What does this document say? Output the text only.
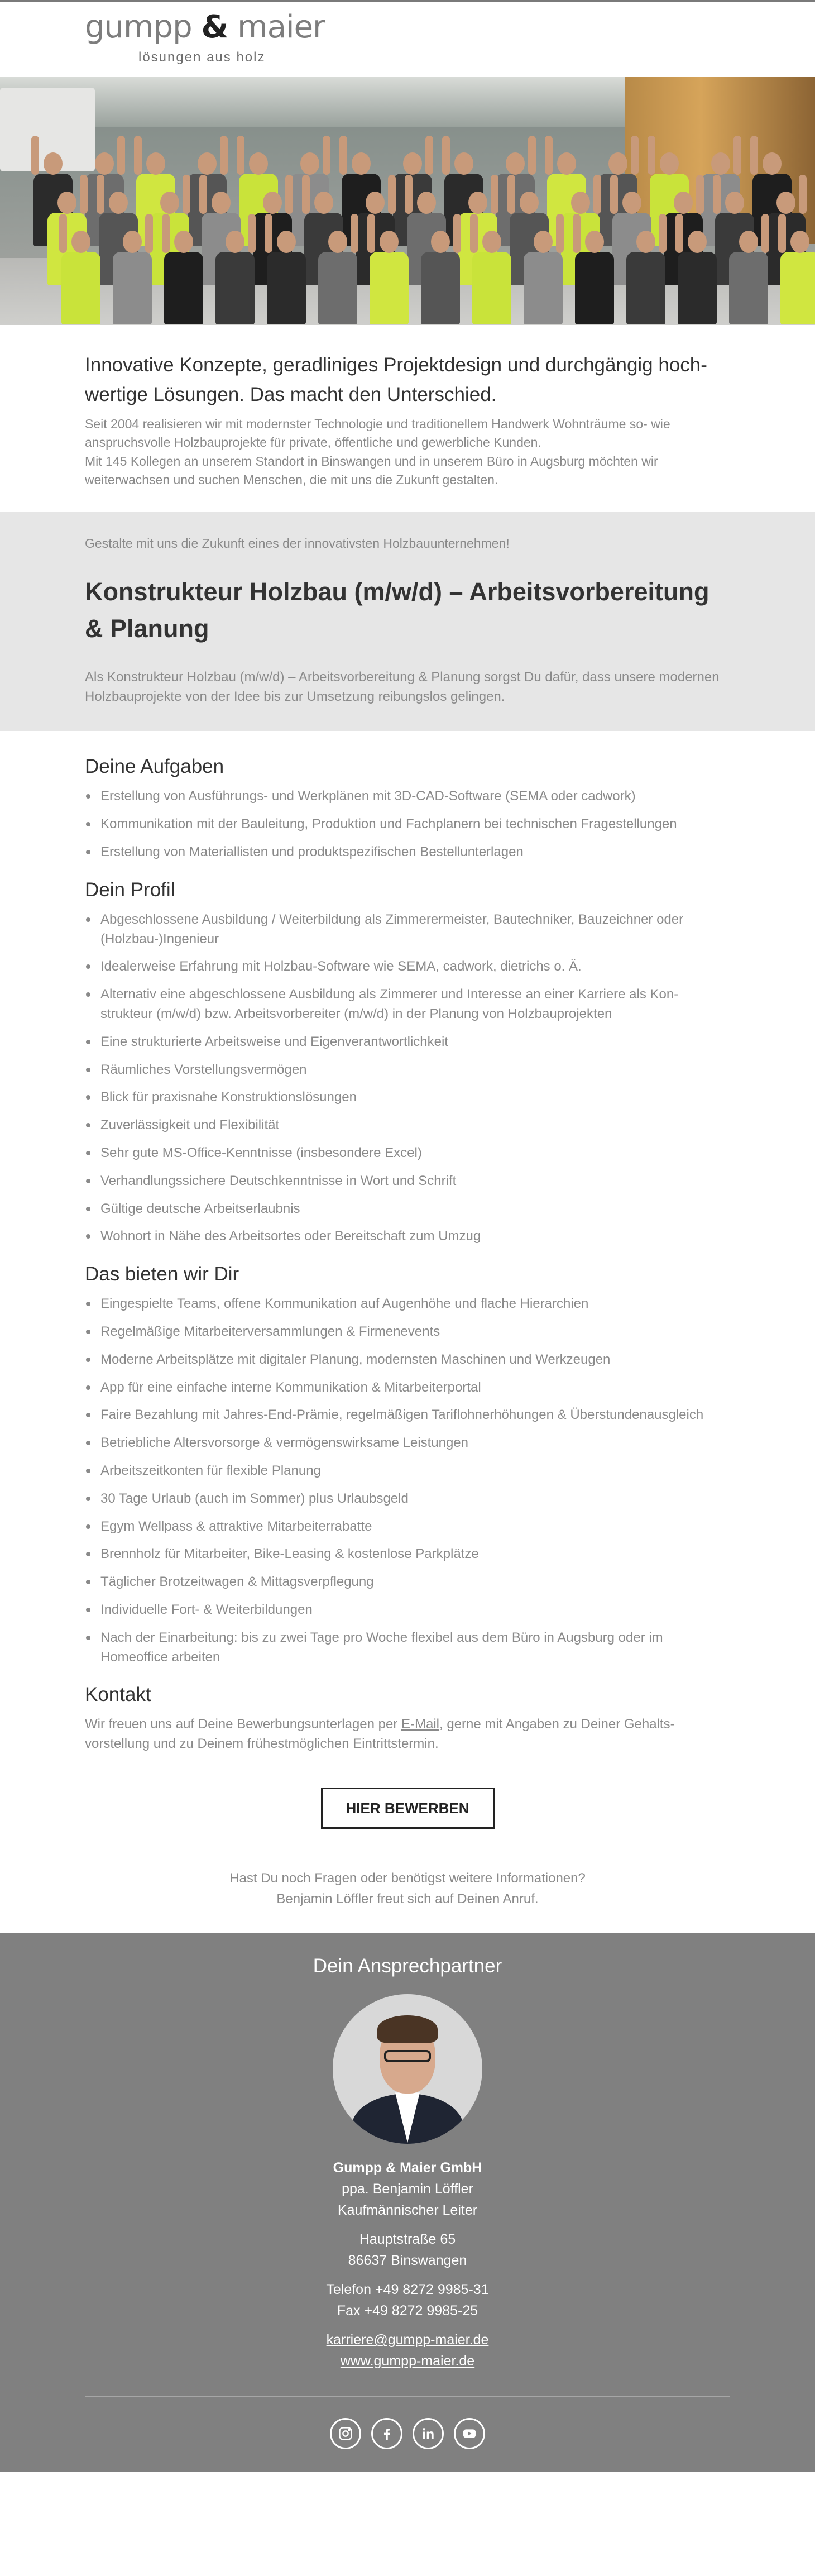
gumpp & maier
lösungen aus holz
Innovative Konzepte, geradliniges Projektdesign und durchgängig hoch- wertige Lösungen. Das macht den Unterschied.

Seit 2004 realisieren wir mit modernster Technologie und traditionellem Handwerk Wohnträume so- wie anspruchsvolle Holzbauprojekte für private, öffentliche und gewerbliche Kunden.
Mit 145 Kollegen an unserem Standort in Binswangen und in unserem Büro in Augsburg möchten wir weiterwachsen und suchen Menschen, die mit uns die Zukunft gestalten.

Gestalte mit uns die Zukunft eines der innovativsten Holzbauunternehmen!
Konstrukteur Holzbau (m/w/d) – Arbeitsvorbereitung & Planung

Als Konstrukteur Holzbau (m/w/d) – Arbeitsvorbereitung & Planung sorgst Du dafür, dass unsere modernen Holzbauprojekte von der Idee bis zur Umsetzung reibungslos gelingen.

Deine Aufgaben
Erstellung von Ausführungs- und Werkplänen mit 3D-CAD-Software (SEMA oder cadwork)
Kommunikation mit der Bauleitung, Produktion und Fachplanern bei technischen Fragestellungen
Erstellung von Materiallisten und produktspezifischen Bestellunterlagen
Dein Profil
Abgeschlossene Ausbildung / Weiterbildung als Zimmerermeister, Bautechniker, Bauzeichner oder (Holzbau-)Ingenieur
Idealerweise Erfahrung mit Holzbau-Software wie SEMA, cadwork, dietrichs o. Ä.
Alternativ eine abgeschlossene Ausbildung als Zimmerer und Interesse an einer Karriere als Kon- strukteur (m/w/d) bzw. Arbeitsvorbereiter (m/w/d) in der Planung von Holzbauprojekten
Eine strukturierte Arbeitsweise und Eigenverantwortlichkeit
Räumliches Vorstellungsvermögen
Blick für praxisnahe Konstruktionslösungen
Zuverlässigkeit und Flexibilität
Sehr gute MS-Office-Kenntnisse (insbesondere Excel)
Verhandlungssichere Deutschkenntnisse in Wort und Schrift
Gültige deutsche Arbeitserlaubnis
Wohnort in Nähe des Arbeitsortes oder Bereitschaft zum Umzug
Das bieten wir Dir
Eingespielte Teams, offene Kommunikation auf Augenhöhe und flache Hierarchien
Regelmäßige Mitarbeiterversammlungen & Firmenevents
Moderne Arbeitsplätze mit digitaler Planung, modernsten Maschinen und Werkzeugen
App für eine einfache interne Kommunikation & Mitarbeiterportal
Faire Bezahlung mit Jahres-End-Prämie, regelmäßigen Tariflohnerhöhungen & Überstundenausgleich
Betriebliche Altersvorsorge & vermögenswirksame Leistungen
Arbeitszeitkonten für flexible Planung
30 Tage Urlaub (auch im Sommer) plus Urlaubsgeld
Egym Wellpass & attraktive Mitarbeiterrabatte
Brennholz für Mitarbeiter, Bike-Leasing & kostenlose Parkplätze
Täglicher Brotzeitwagen & Mittagsverpflegung
Individuelle Fort- & Weiterbildungen
Nach der Einarbeitung: bis zu zwei Tage pro Woche flexibel aus dem Büro in Augsburg oder im Homeoffice arbeiten
Kontakt

Wir freuen uns auf Deine Bewerbungsunterlagen per E-Mail, gerne mit Angaben zu Deiner Gehalts- vorstellung und zu Deinem frühestmöglichen Eintrittstermin.

HIER BEWERBEN
Hast Du noch Fragen oder benötigst weitere Informationen?
Benjamin Löffler freut sich auf Deinen Anruf.
Dein Ansprechpartner
Gumpp & Maier GmbH
ppa. Benjamin Löffler
Kaufmännischer Leiter
Hauptstraße 65
86637 Binswangen
Telefon +49 8272 9985-31
Fax +49 8272 9985-25
karriere@gumpp-maier.de
www.gumpp-maier.de
